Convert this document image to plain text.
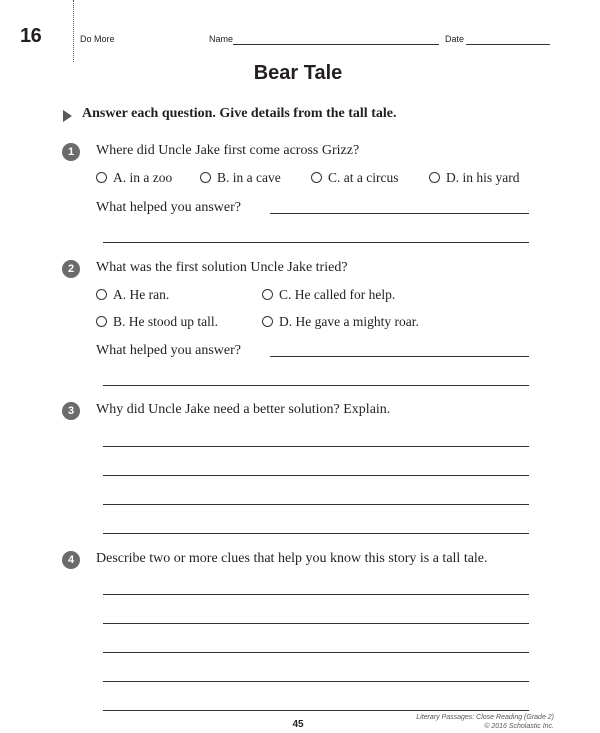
16	Do More	Name	Date
Bear Tale
Answer each question. Give details from the tall tale.
1	Where did Uncle Jake first come across Grizz?
A. in a zoo	B. in a cave	C. at a circus	D. in his yard
What helped you answer?
2	What was the first solution Uncle Jake tried?
A. He ran.	C. He called for help.
B. He stood up tall.	D. He gave a mighty roar.
What helped you answer?
3	Why did Uncle Jake need a better solution? Explain.
4	Describe two or more clues that help you know this story is a tall tale.
45
Literary Passages: Close Reading (Grade 2)
© 2016 Scholastic Inc.
